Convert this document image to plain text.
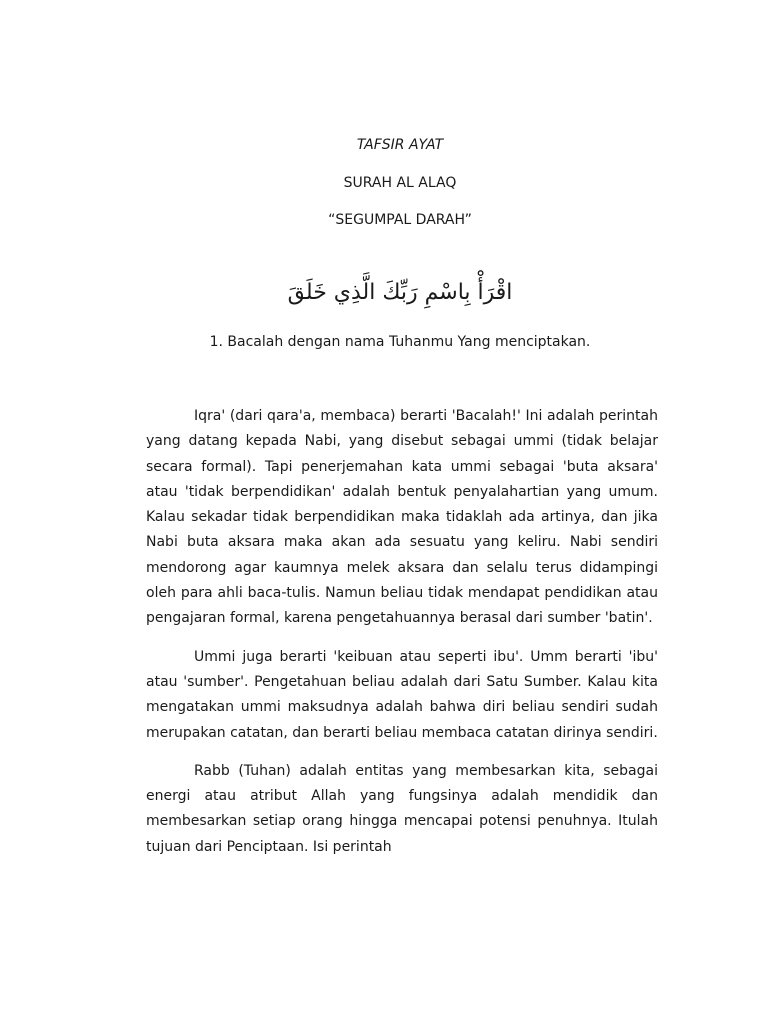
TAFSIR AYAT
SURAH AL ALAQ
“SEGUMPAL DARAH”
اقْرَأْ بِاسْمِ رَبِّكَ الَّذِي خَلَقَ
1. Bacalah dengan nama Tuhanmu Yang menciptakan.

Iqra' (dari qara'a, membaca) berarti 'Bacalah!' Ini adalah perintah yang datang kepada Nabi, yang disebut sebagai ummi (tidak belajar secara formal). Tapi penerjemahan kata ummi sebagai 'buta aksara' atau 'tidak berpendidikan' adalah bentuk penyalahartian yang umum. Kalau sekadar tidak berpendidikan maka tidaklah ada artinya, dan jika Nabi buta aksara maka akan ada sesuatu yang keliru. Nabi sendiri mendorong agar kaumnya melek aksara dan selalu terus didampingi oleh para ahli baca-tulis. Namun beliau tidak mendapat pendidikan atau pengajaran formal, karena pengetahuannya berasal dari sumber 'batin'.

Ummi juga berarti 'keibuan atau seperti ibu'. Umm berarti 'ibu' atau 'sumber'. Pengetahuan beliau adalah dari Satu Sumber. Kalau kita mengatakan ummi maksudnya adalah bahwa diri beliau sendiri sudah merupakan catatan, dan berarti beliau membaca catatan dirinya sendiri.

Rabb (Tuhan) adalah entitas yang membesarkan kita, sebagai energi atau atribut Allah yang fungsinya adalah mendidik dan membesarkan setiap orang hingga mencapai potensi penuhnya. Itulah tujuan dari Penciptaan. Isi perintah
